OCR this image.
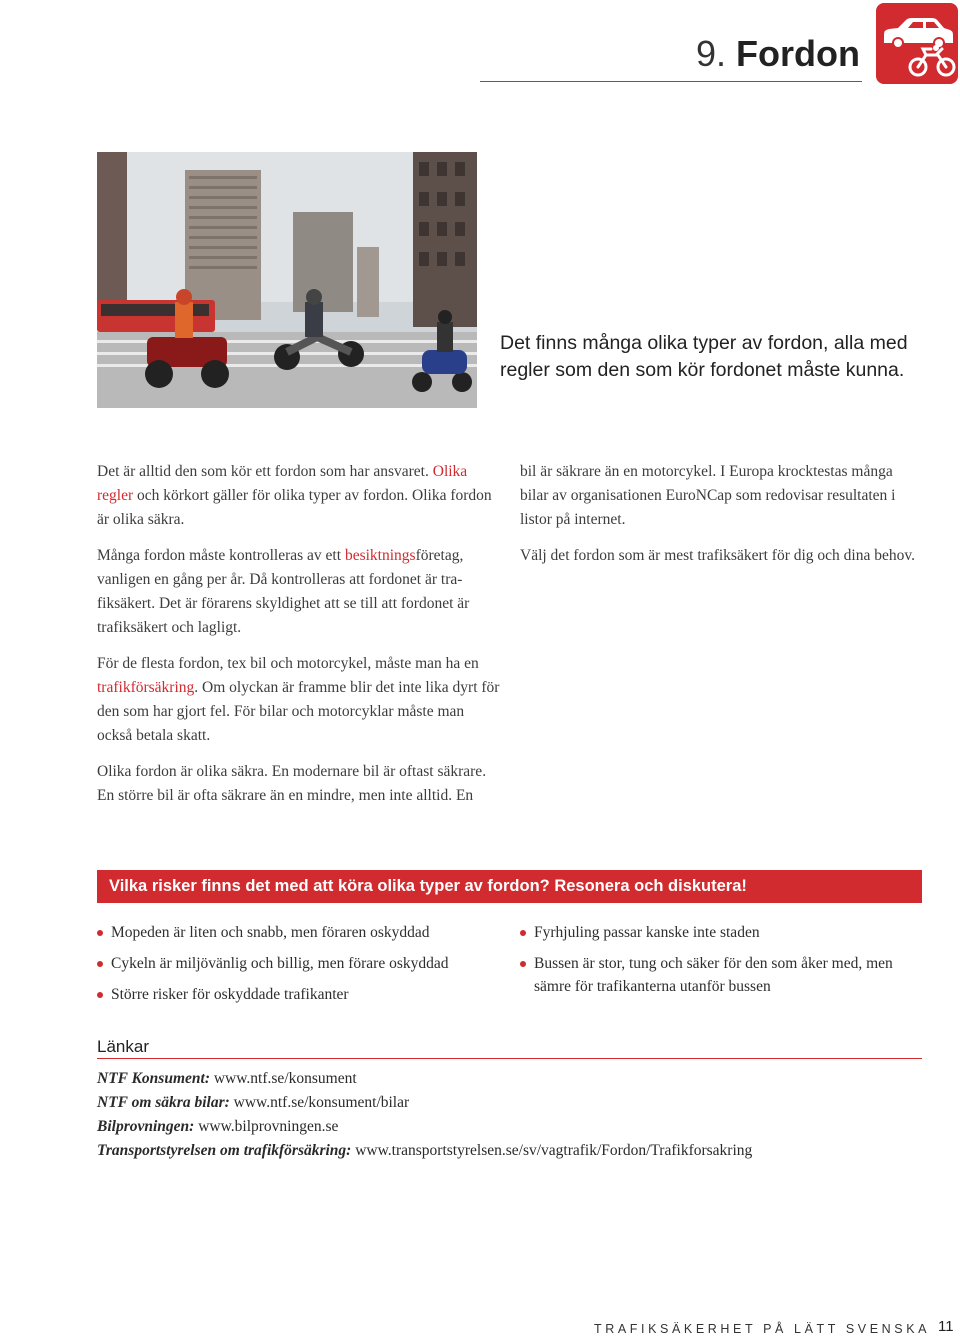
9. Fordon
Det finns många olika typer av fordon, alla med regler som den som kör fordonet måste kunna.

Det är alltid den som kör ett fordon som har ansvaret. Olika regler och körkort gäller för olika typer av fordon. Olika fordon är olika säkra.

Många fordon måste kontrolleras av ett besiktningsföretag, vanligen en gång per år. Då kontrolleras att fordonet är tra-fiksäkert. Det är förarens skyldighet att se till att fordonet är trafiksäkert och lagligt.

För de flesta fordon, tex bil och motorcykel, måste man ha en trafikförsäkring. Om olyckan är framme blir det inte lika dyrt för den som har gjort fel. För bilar och motorcyklar måste man också betala skatt.

Olika fordon är olika säkra. En modernare bil är oftast säkrare. En större bil är ofta säkrare än en mindre, men inte alltid. En

bil är säkrare än en motorcykel. I Europa krocktestas många bilar av organisationen EuroNCap som redovisar resultaten i listor på internet.

Välj det fordon som är mest trafiksäkert för dig och dina behov.

Vilka risker finns det med att köra olika typer av fordon? Resonera och diskutera!
Mopeden är liten och snabb, men föraren oskyddad
Cykeln är miljövänlig och billig, men förare oskyddad
Större risker för oskyddade trafikanter
Fyrhjuling passar kanske inte staden
Bussen är stor, tung och säker för den som åker med, men sämre för trafikanterna utanför bussen
Länkar
NTF Konsument: www.ntf.se/konsument
NTF om säkra bilar: www.ntf.se/konsument/bilar
Bilprovningen: www.bilprovningen.se
Transportstyrelsen om trafikförsäkring: www.transportstyrelsen.se/sv/vagtrafik/Fordon/Trafikforsakring
TRAFIKSÄKERHET PÅ LÄTT SVENSKA 11
